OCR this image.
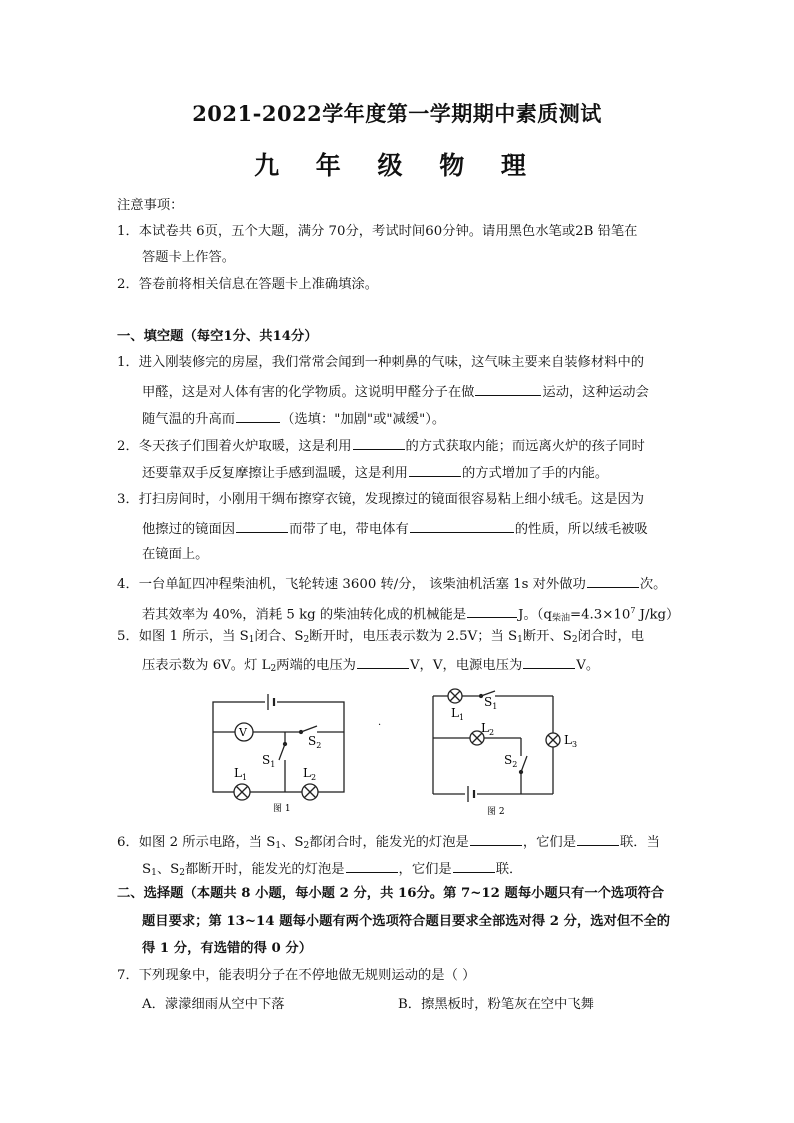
2021-2022学年度第一学期期中素质测试
九 年 级 物 理
注意事项：
1．本试卷共 6页，五个大题，满分 70分，考试时间60分钟。请用黑色水笔或2B 铅笔在
答题卡上作答。
2．答卷前将相关信息在答题卡上准确填涂。
一、填空题（每空1分、共14分）
1．进入刚装修完的房屋，我们常常会闻到一种刺鼻的气味，这气味主要来自装修材料中的
甲醛，这是对人体有害的化学物质。这说明甲醛分子在做	运动，这种运动会
随气温的升高而	（选填："加剧"或"减缓"）。
2．冬天孩子们围着火炉取暖，这是利用	的方式获取内能；而远离火炉的孩子同时
还要靠双手反复摩擦让手感到温暖，这是利用	的方式增加了手的内能。
3．打扫房间时，小刚用干绸布擦穿衣镜，发现擦过的镜面很容易粘上细小绒毛。这是因为
他擦过的镜面因	而带了电，带电体有	的性质，所以绒毛被吸
在镜面上。
4．一台单缸四冲程柴油机，飞轮转速 3600 转/分， 该柴油机活塞 1s 对外做功	次。
若其效率为 40%，消耗 5 kg 的柴油转化成的机械能是	J。（$q_{柴油}=4.3\times 10^7$ J/kg）
5．如图 1 所示，当 $S_1$闭合、$S_2$断开时，电压表示数为 2.5V；当 $S_1$断开、$S_2$闭合时，电
压表示数为 6V。灯 $L_2$两端的电压为	V，V，电源电压为	V。
V
$S_2$
$S_1$
$L_1$	$L_2$
图 1
·
$L_1$
$S_1$
$L_2$
$S_2$
$L_3$
图 2
6．如图 2 所示电路，当 $S_1$、$S_2$都闭合时，能发光的灯泡是	，它们是	联．当
$S_1$、$S_2$都断开时，能发光的灯泡是	，它们是	联．
二、选择题（本题共 8 小题，每小题 2 分，共 16分。第 7~12 题每小题只有一个选项符合
题目要求；第 13~14 题每小题有两个选项符合题目要求全部选对得 2 分，选对但不全的
得 1 分，有选错的得 0 分）
7．下列现象中，能表明分子在不停地做无规则运动的是（ ）
A．濛濛细雨从空中下落	B．擦黑板时，粉笔灰在空中飞舞
